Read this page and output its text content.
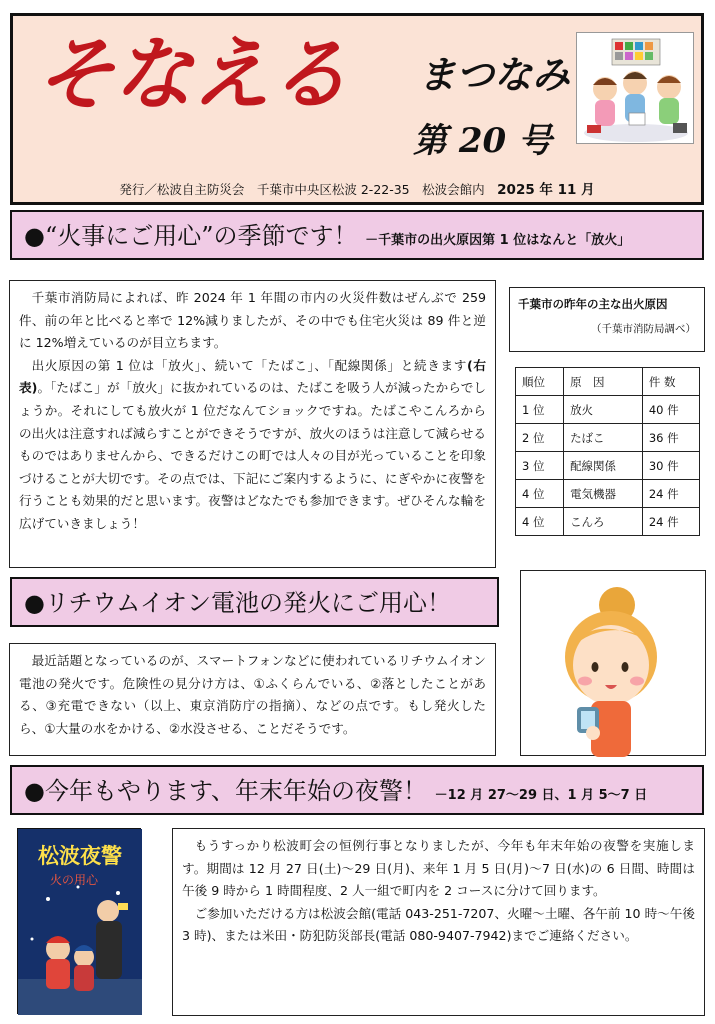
そなえる まつなみ
第 20 号
発行／松波自主防災会　千葉市中央区松波 2-22-35　松波会館内　 2025 年 11 月
●“火事にご用心”の季節です！ －千葉市の出火原因第 1 位はなんと「放火」

千葉市消防局によれば、昨 2024 年 1 年間の市内の火災件数はぜんぶで 259 件、前の年と比べると率で 12%減りましたが、その中でも住宅火災は 89 件と逆に 12%増えているのが目立ちます。

出火原因の第 1 位は「放火」、続いて「たばこ」、「配線関係」と続きます(右表)。「たばこ」が「放火」に抜かれているのは、たばこを吸う人が減ったからでしょうか。それにしても放火が 1 位だなんてショックですね。たばこやこんろからの出火は注意すれば減らすことができそうですが、放火のほうは注意して減らせるものではありませんから、できるだけこの町では人々の目が光っていることを印象づけることが大切です。その点では、下記にご案内するように、にぎやかに夜警を行うことも効果的だと思います。夜警はどなたでも参加できます。ぜひそんな輪を広げていきましょう！

千葉市の昨年の主な出火原因
（千葉市消防局調べ）
順位	原　因	件 数
1 位	放火	40 件
2 位	たばこ	36 件
3 位	配線関係	30 件
4 位	電気機器	24 件
4 位	こんろ	24 件
●リチウムイオン電池の発火にご用心！

最近話題となっているのが、スマートフォンなどに使われているリチウムイオン電池の発火です。危険性の見分け方は、①ふくらんでいる、②落としたことがある、③充電できない（以上、東京消防庁の指摘）、などの点です。もし発火したら、①大量の水をかける、②水没させる、ことだそうです。

●今年もやります、年末年始の夜警！ －12 月 27～29 日、1 月 5～7 日
松波夜警
火の用心

もうすっかり松波町会の恒例行事となりましたが、今年も年末年始の夜警を実施します。期間は 12 月 27 日(土)～29 日(月)、来年 1 月 5 日(月)～7 日(水)の 6 日間、時間は午後 9 時から 1 時間程度、2 人一組で町内を 2 コースに分けて回ります。

ご参加いただける方は松波会館(電話 043-251-7207、火曜～土曜、各午前 10 時～午後 3 時)、または米田・防犯防災部長(電話 080-9407-7942)までご連絡ください。
